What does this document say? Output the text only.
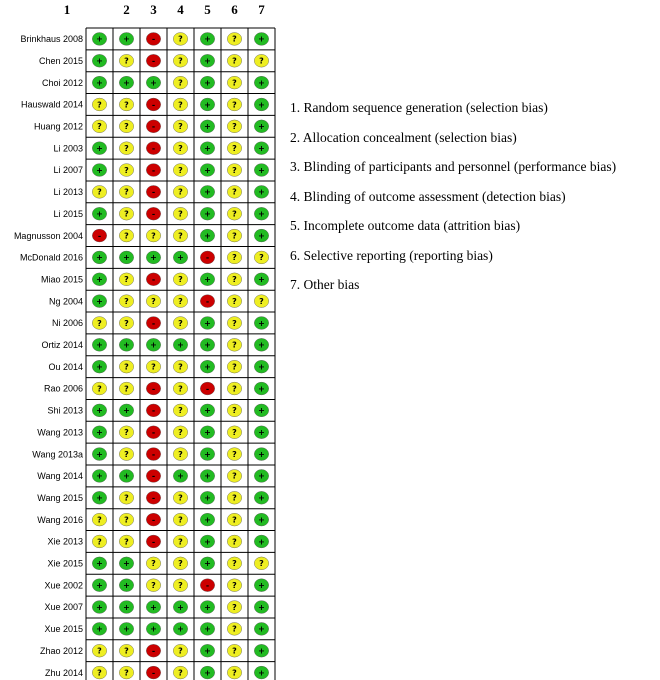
1	2 3 4 5 6 7
Brinkhaus 2008 +	+	-	?	+	?	+
Chen 2015 +	?	-	?	+	?	?
Choi 2012 +	+	+	?	+	?	+
Hauswald 2014 ?	?	-	?	+	?	+
Huang 2012 ?	?	-	?	+	?	+
Li 2003 +	?	-	?	+	?	+
Li 2007 +	?	-	?	+	?	+
Li 2013 ?	?	-	?	+	?	+
Li 2015 +	?	-	?	+	?	+
Magnusson 2004 -	?	?	?	+	?	+
McDonald 2016 +	+	+	+	-	?	?
Miao 2015 +	?	-	?	+	?	+
Ng 2004 +	?	?	?	-	?	?
Ni 2006 ?	?	-	?	+	?	+
Ortiz 2014 +	+	+	+	+	?	+
Ou 2014 +	?	?	?	+	?	+
Rao 2006 ?	?	-	?	-	?	+
Shi 2013 +	+	-	?	+	?	+
Wang 2013 +	?	-	?	+	?	+
Wang 2013a +	?	-	?	+	?	+
Wang 2014 +	+	-	+	+	?	+
Wang 2015 +	?	-	?	+	?	+
Wang 2016 ?	?	-	?	+	?	+
Xie 2013 ?	?	-	?	+	?	+
Xie 2015 +	+	?	?	+	?	?
Xue 2002 +	+	?	?	-	?	+
Xue 2007 +	+	+	+	+	?	+
Xue 2015 +	+	+	+	+	?	+
Zhao 2012 ?	?	-	?	+	?	+
Zhu 2014 ?	?	-	?	+	?	+
1. Random sequence generation (selection bias)
2. Allocation concealment (selection bias)
3. Blinding of participants and personnel (performance bias)
4. Blinding of outcome assessment (detection bias)
5. Incomplete outcome data (attrition bias)
6. Selective reporting (reporting bias)
7. Other bias
